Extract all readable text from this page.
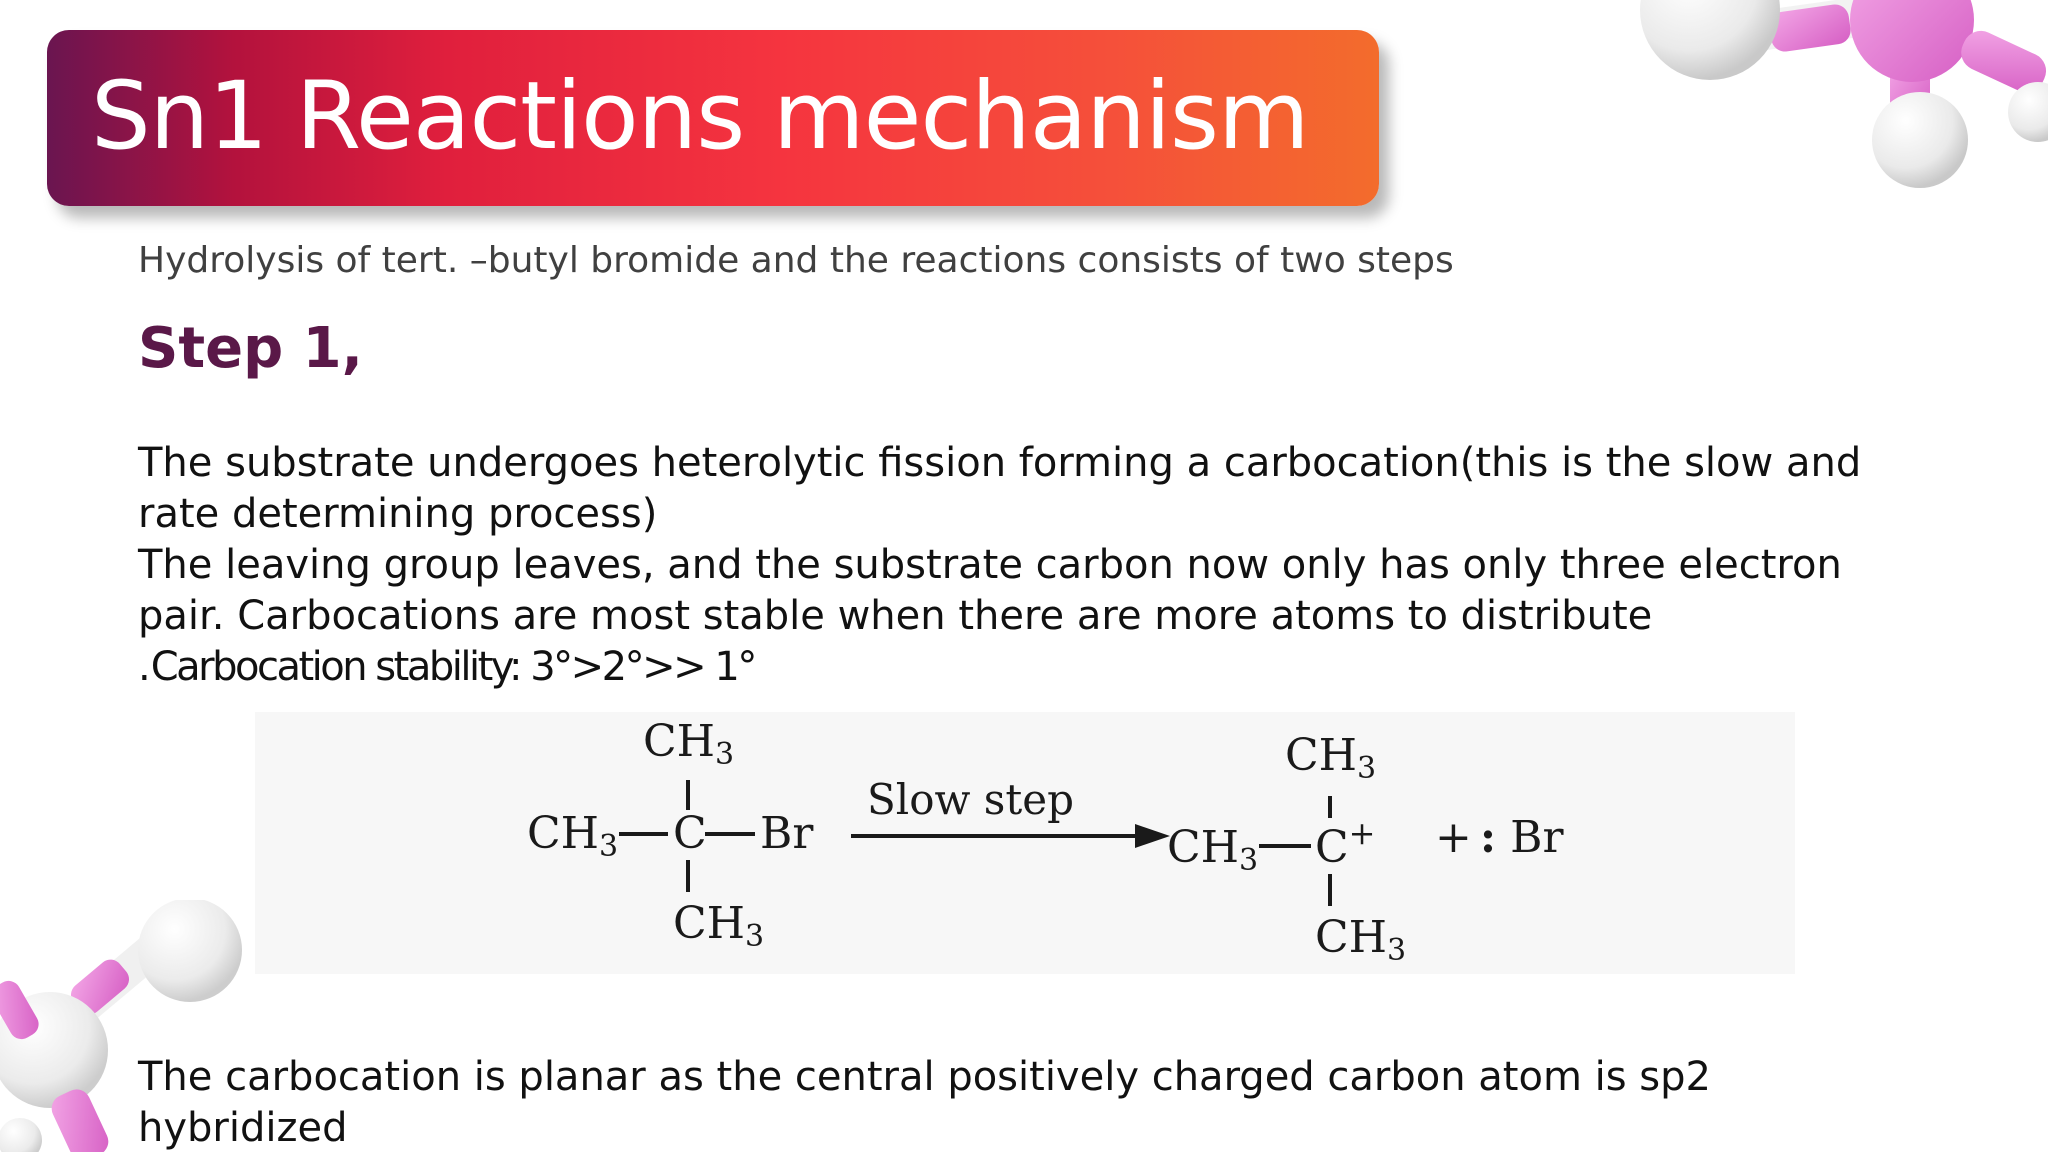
Sn1 Reactions mechanism
Hydrolysis of tert. –butyl bromide and the reactions consists of two steps
Step 1,

The substrate undergoes heterolytic fission forming a carbocation(this is the slow and rate determining process)

The leaving group leaves, and the substrate carbon now only has only three electron pair. Carbocations are most stable when there are more atoms to distribute .Carbocation stability: 3°>2°>> 1°

CH3
CH3 C Br
CH3
Slow step
CH3
CH3 C+
CH3
+ : Br
The carbocation is planar as the central positively charged carbon atom is sp2 hybridized
